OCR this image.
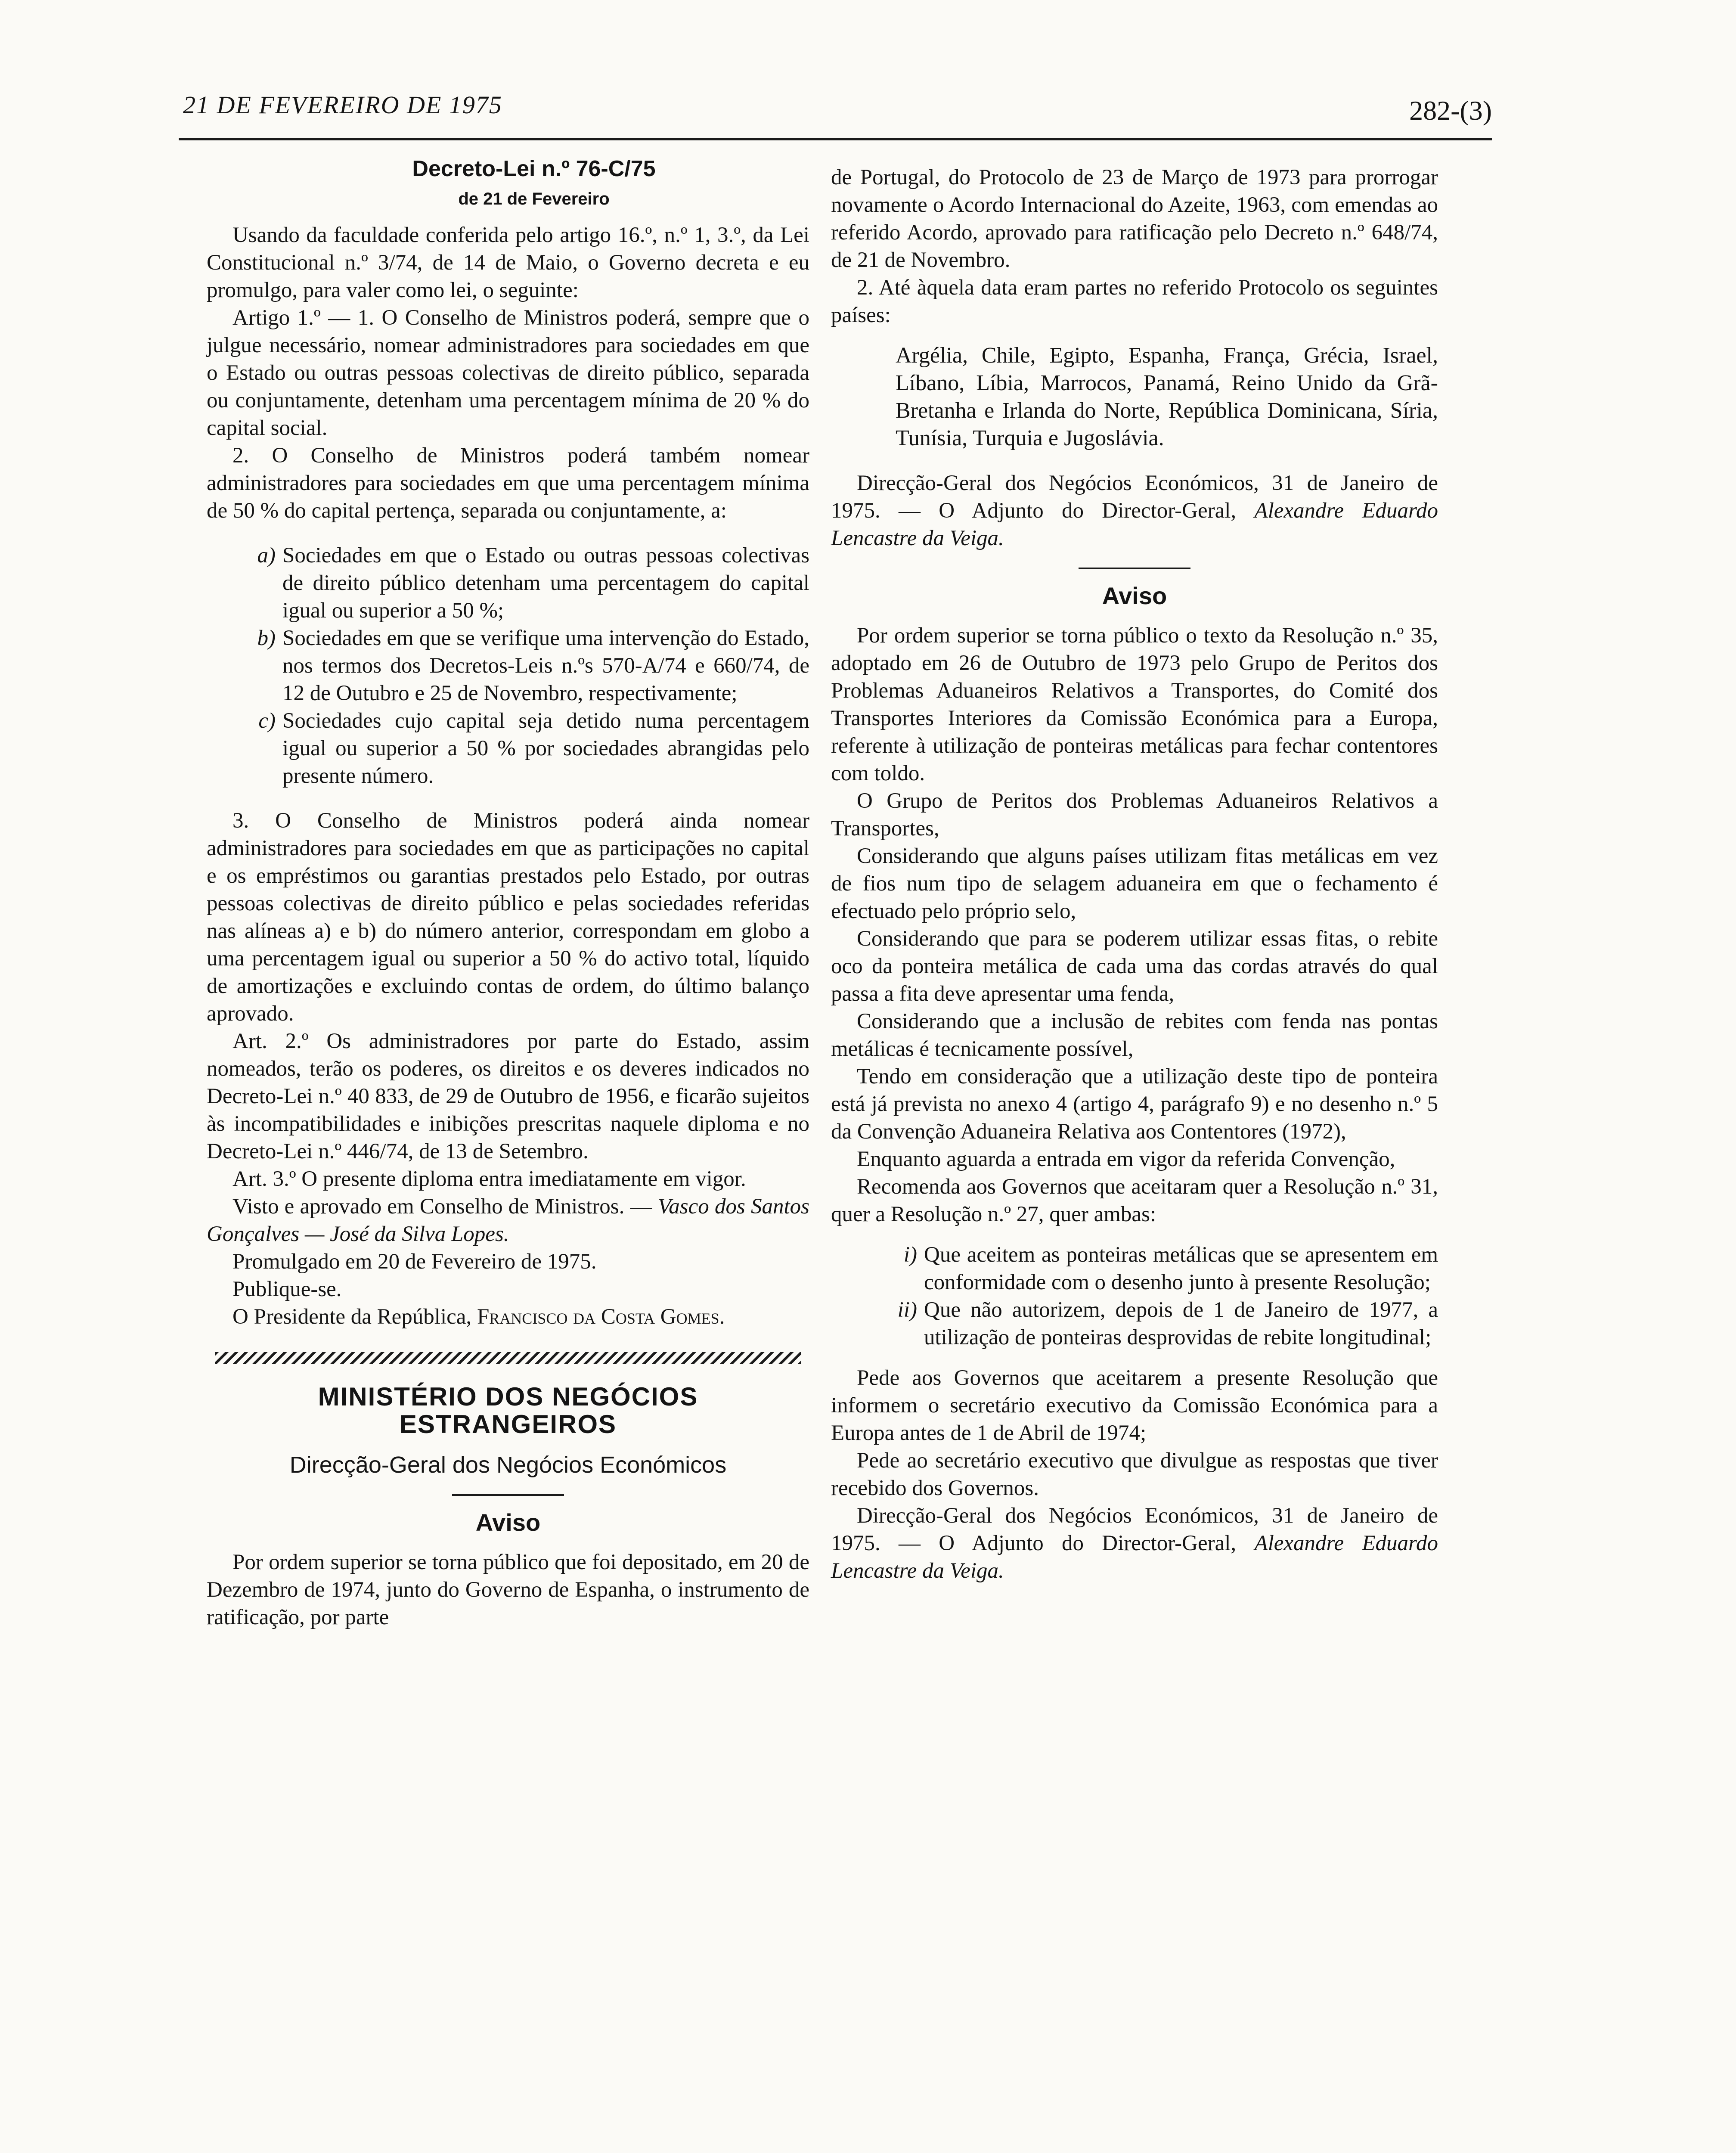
21 DE FEVEREIRO DE 1975	282-(3)
Decreto-Lei n.º 76-C/75
de 21 de Fevereiro

Usando da faculdade conferida pelo artigo 16.º, n.º 1, 3.º, da Lei Constitucional n.º 3/74, de 14 de Maio, o Governo decreta e eu promulgo, para valer como lei, o seguinte:

Artigo 1.º — 1. O Conselho de Ministros poderá, sempre que o julgue necessário, nomear administradores para sociedades em que o Estado ou outras pessoas colectivas de direito público, separada ou conjuntamente, detenham uma percentagem mínima de 20 % do capital social.

2. O Conselho de Ministros poderá também nomear administradores para sociedades em que uma percentagem mínima de 50 % do capital pertença, separada ou conjuntamente, a:

a) Sociedades em que o Estado ou outras pessoas colectivas de direito público detenham uma percentagem do capital igual ou superior a 50 %;
b) Sociedades em que se verifique uma intervenção do Estado, nos termos dos Decretos-Leis n.ºs 570-A/74 e 660/74, de 12 de Outubro e 25 de Novembro, respectivamente;
c) Sociedades cujo capital seja detido numa percentagem igual ou superior a 50 % por sociedades abrangidas pelo presente número.

3. O Conselho de Ministros poderá ainda nomear administradores para sociedades em que as participações no capital e os empréstimos ou garantias prestados pelo Estado, por outras pessoas colectivas de direito público e pelas sociedades referidas nas alíneas a) e b) do número anterior, correspondam em globo a uma percentagem igual ou superior a 50 % do activo total, líquido de amortizações e excluindo contas de ordem, do último balanço aprovado.

Art. 2.º Os administradores por parte do Estado, assim nomeados, terão os poderes, os direitos e os deveres indicados no Decreto-Lei n.º 40 833, de 29 de Outubro de 1956, e ficarão sujeitos às incompatibilidades e inibições prescritas naquele diploma e no Decreto-Lei n.º 446/74, de 13 de Setembro.

Art. 3.º O presente diploma entra imediatamente em vigor.

Visto e aprovado em Conselho de Ministros. — Vasco dos Santos Gonçalves — José da Silva Lopes.

Promulgado em 20 de Fevereiro de 1975.

Publique-se.

O Presidente da República, Francisco da Costa Gomes.

MINISTÉRIO DOS NEGÓCIOS ESTRANGEIROS
Direcção-Geral dos Negócios Económicos
Aviso

Por ordem superior se torna público que foi depositado, em 20 de Dezembro de 1974, junto do Governo de Espanha, o instrumento de ratificação, por parte

de Portugal, do Protocolo de 23 de Março de 1973 para prorrogar novamente o Acordo Internacional do Azeite, 1963, com emendas ao referido Acordo, aprovado para ratificação pelo Decreto n.º 648/74, de 21 de Novembro.

2. Até àquela data eram partes no referido Protocolo os seguintes países:

Argélia, Chile, Egipto, Espanha, França, Grécia, Israel, Líbano, Líbia, Marrocos, Panamá, Reino Unido da Grã-Bretanha e Irlanda do Norte, República Dominicana, Síria, Tunísia, Turquia e Jugoslávia.

Direcção-Geral dos Negócios Económicos, 31 de Janeiro de 1975. — O Adjunto do Director-Geral, Alexandre Eduardo Lencastre da Veiga.

Aviso

Por ordem superior se torna público o texto da Resolução n.º 35, adoptado em 26 de Outubro de 1973 pelo Grupo de Peritos dos Problemas Aduaneiros Relativos a Transportes, do Comité dos Transportes Interiores da Comissão Económica para a Europa, referente à utilização de ponteiras metálicas para fechar contentores com toldo.

O Grupo de Peritos dos Problemas Aduaneiros Relativos a Transportes,

Considerando que alguns países utilizam fitas metálicas em vez de fios num tipo de selagem aduaneira em que o fechamento é efectuado pelo próprio selo,

Considerando que para se poderem utilizar essas fitas, o rebite oco da ponteira metálica de cada uma das cordas através do qual passa a fita deve apresentar uma fenda,

Considerando que a inclusão de rebites com fenda nas pontas metálicas é tecnicamente possível,

Tendo em consideração que a utilização deste tipo de ponteira está já prevista no anexo 4 (artigo 4, parágrafo 9) e no desenho n.º 5 da Convenção Aduaneira Relativa aos Contentores (1972),

Enquanto aguarda a entrada em vigor da referida Convenção,

Recomenda aos Governos que aceitaram quer a Resolução n.º 31, quer a Resolução n.º 27, quer ambas:

i) Que aceitem as ponteiras metálicas que se apresentem em conformidade com o desenho junto à presente Resolução;
ii) Que não autorizem, depois de 1 de Janeiro de 1977, a utilização de ponteiras desprovidas de rebite longitudinal;

Pede aos Governos que aceitarem a presente Resolução que informem o secretário executivo da Comissão Económica para a Europa antes de 1 de Abril de 1974;

Pede ao secretário executivo que divulgue as respostas que tiver recebido dos Governos.

Direcção-Geral dos Negócios Económicos, 31 de Janeiro de 1975. — O Adjunto do Director-Geral, Alexandre Eduardo Lencastre da Veiga.
